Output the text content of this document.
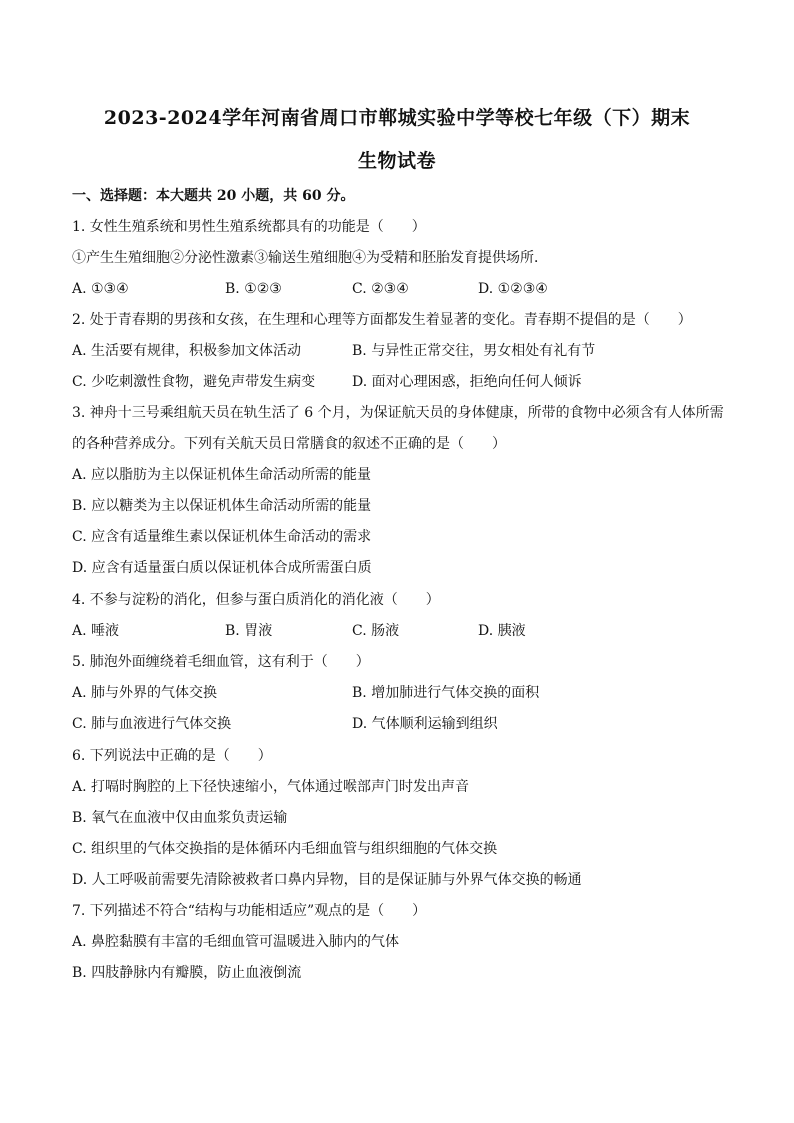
2023-2024学年河南省周口市郸城实验中学等校七年级（下）期末
生物试卷
一、选择题：本大题共 20 小题，共 60 分。
1. 女性生殖系统和男性生殖系统都具有的功能是（　　）
①产生生殖细胞②分泌性激素③输送生殖细胞④为受精和胚胎发育提供场所．
A. ①③④	B. ①②③	C. ②③④	D. ①②③④
2. 处于青春期的男孩和女孩，在生理和心理等方面都发生着显著的变化。青春期不提倡的是（　　）
A. 生活要有规律，积极参加文体活动	B. 与异性正常交往，男女相处有礼有节
C. 少吃刺激性食物，避免声带发生病变	D. 面对心理困惑，拒绝向任何人倾诉
3. 神舟十三号乘组航天员在轨生活了 6 个月，为保证航天员的身体健康，所带的食物中必须含有人体所需
的各种营养成分。下列有关航天员日常膳食的叙述不正确的是（　　）
A. 应以脂肪为主以保证机体生命活动所需的能量
B. 应以糖类为主以保证机体生命活动所需的能量
C. 应含有适量维生素以保证机体生命活动的需求
D. 应含有适量蛋白质以保证机体合成所需蛋白质
4. 不参与淀粉的消化，但参与蛋白质消化的消化液（　　）
A. 唾液	B. 胃液	C. 肠液	D. 胰液
5. 肺泡外面缠绕着毛细血管，这有利于（　　）
A. 肺与外界的气体交换	B. 增加肺进行气体交换的面积
C. 肺与血液进行气体交换	D. 气体顺利运输到组织
6. 下列说法中正确的是（　　）
A. 打嗝时胸腔的上下径快速缩小，气体通过喉部声门时发出声音
B. 氧气在血液中仅由血浆负责运输
C. 组织里的气体交换指的是体循环内毛细血管与组织细胞的气体交换
D. 人工呼吸前需要先清除被救者口鼻内异物，目的是保证肺与外界气体交换的畅通
7. 下列描述不符合“结构与功能相适应”观点的是（　　）
A. 鼻腔黏膜有丰富的毛细血管可温暖进入肺内的气体
B. 四肢静脉内有瓣膜，防止血液倒流
